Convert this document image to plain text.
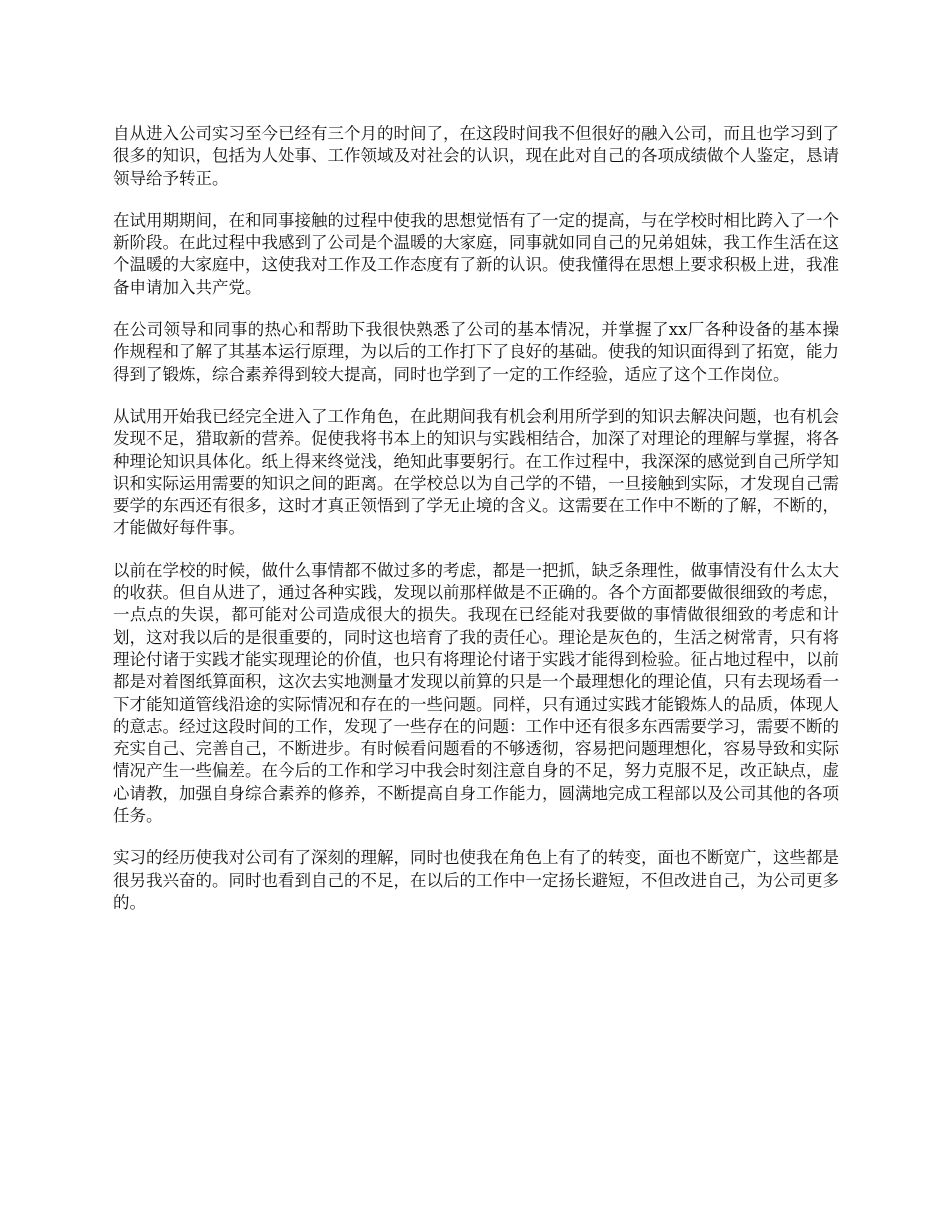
自从进入公司实习至今已经有三个月的时间了，在这段时间我不但很好的融入公司，而且也学习到了很多的知识，包括为人处事、工作领域及对社会的认识，现在此对自己的各项成绩做个人鉴定，恳请领导给予转正。

在试用期期间，在和同事接触的过程中使我的思想觉悟有了一定的提高，与在学校时相比跨入了一个新阶段。在此过程中我感到了公司是个温暖的大家庭，同事就如同自己的兄弟姐妹，我工作生活在这个温暖的大家庭中，这使我对工作及工作态度有了新的认识。使我懂得在思想上要求积极上进，我准备申请加入共产党。

在公司领导和同事的热心和帮助下我很快熟悉了公司的基本情况，并掌握了xx厂各种设备的基本操作规程和了解了其基本运行原理，为以后的工作打下了良好的基础。使我的知识面得到了拓宽，能力得到了锻炼，综合素养得到较大提高，同时也学到了一定的工作经验，适应了这个工作岗位。

从试用开始我已经完全进入了工作角色，在此期间我有机会利用所学到的知识去解决问题，也有机会发现不足，猎取新的营养。促使我将书本上的知识与实践相结合，加深了对理论的理解与掌握，将各种理论知识具体化。纸上得来终觉浅，绝知此事要躬行。在工作过程中，我深深的感觉到自己所学知识和实际运用需要的知识之间的距离。在学校总以为自己学的不错，一旦接触到实际，才发现自己需要学的东西还有很多，这时才真正领悟到了学无止境的含义。这需要在工作中不断的了解，不断的，才能做好每件事。

以前在学校的时候，做什么事情都不做过多的考虑，都是一把抓，缺乏条理性，做事情没有什么太大的收获。但自从进了，通过各种实践，发现以前那样做是不正确的。各个方面都要做很细致的考虑，一点点的失误，都可能对公司造成很大的损失。我现在已经能对我要做的事情做很细致的考虑和计划，这对我以后的是很重要的，同时这也培育了我的责任心。理论是灰色的，生活之树常青，只有将理论付诸于实践才能实现理论的价值，也只有将理论付诸于实践才能得到检验。征占地过程中，以前都是对着图纸算面积，这次去实地测量才发现以前算的只是一个最理想化的理论值，只有去现场看一下才能知道管线沿途的实际情况和存在的一些问题。同样，只有通过实践才能锻炼人的品质，体现人的意志。经过这段时间的工作，发现了一些存在的问题：工作中还有很多东西需要学习，需要不断的充实自己、完善自己，不断进步。有时候看问题看的不够透彻，容易把问题理想化，容易导致和实际情况产生一些偏差。在今后的工作和学习中我会时刻注意自身的不足，努力克服不足，改正缺点，虚心请教，加强自身综合素养的修养，不断提高自身工作能力，圆满地完成工程部以及公司其他的各项任务。

实习的经历使我对公司有了深刻的理解，同时也使我在角色上有了的转变，面也不断宽广，这些都是很另我兴奋的。同时也看到自己的不足，在以后的工作中一定扬长避短，不但改进自己，为公司更多的。
